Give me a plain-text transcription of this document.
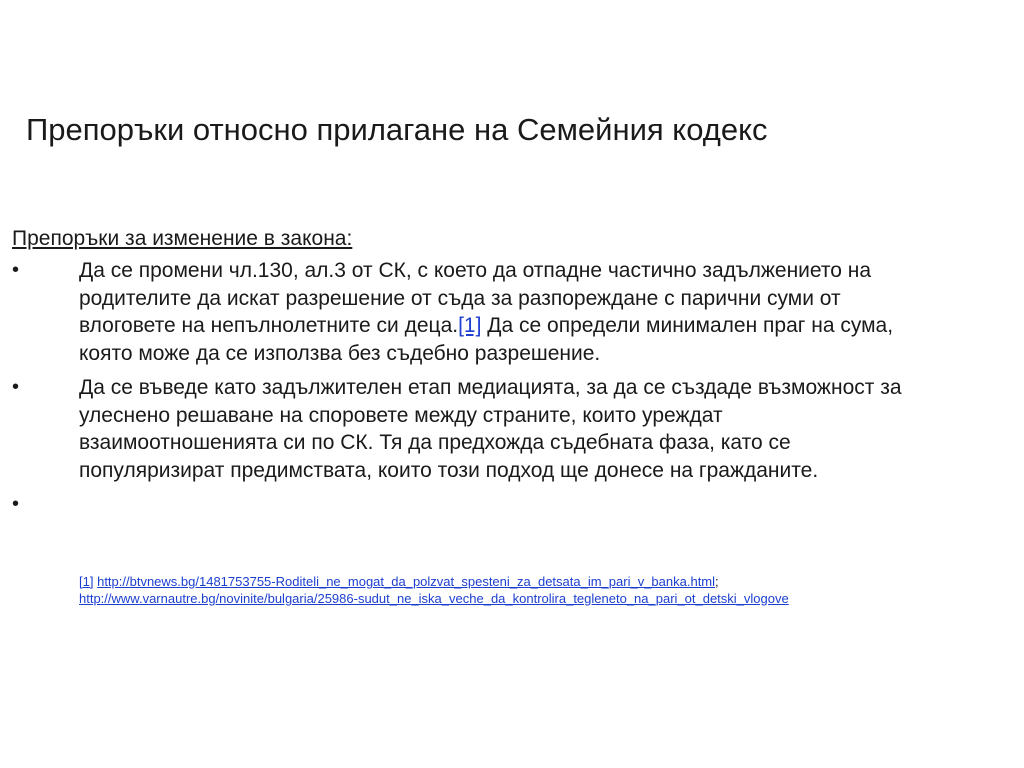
Препоръки относно прилагане на Семейния кодекс
Препоръки за изменение в закона:
•	Да се промени чл.130, ал.3 от СК, с което да отпадне частично задължението на родителите да искат разрешение от съда за разпореждане с парични суми от влоговете на непълнолетните си деца.[1] Да се определи минимален праг на сума, която може да се използва без съдебно разрешение.
•	Да се въведе като задължителен етап медиацията, за да се създаде възможност за улеснено решаване на споровете между страните, които уреждат взаимоотношенията си по СК. Тя да предхожда съдебната фаза, като се популяризират предимствата, които този подход ще донесе на гражданите.
•
[1] http://btvnews.bg/1481753755-Roditeli_ne_mogat_da_polzvat_spesteni_za_detsata_im_pari_v_banka.html;
http://www.varnautre.bg/novinite/bulgaria/25986-sudut_ne_iska_veche_da_kontrolira_tegleneto_na_pari_ot_detski_vlogove
